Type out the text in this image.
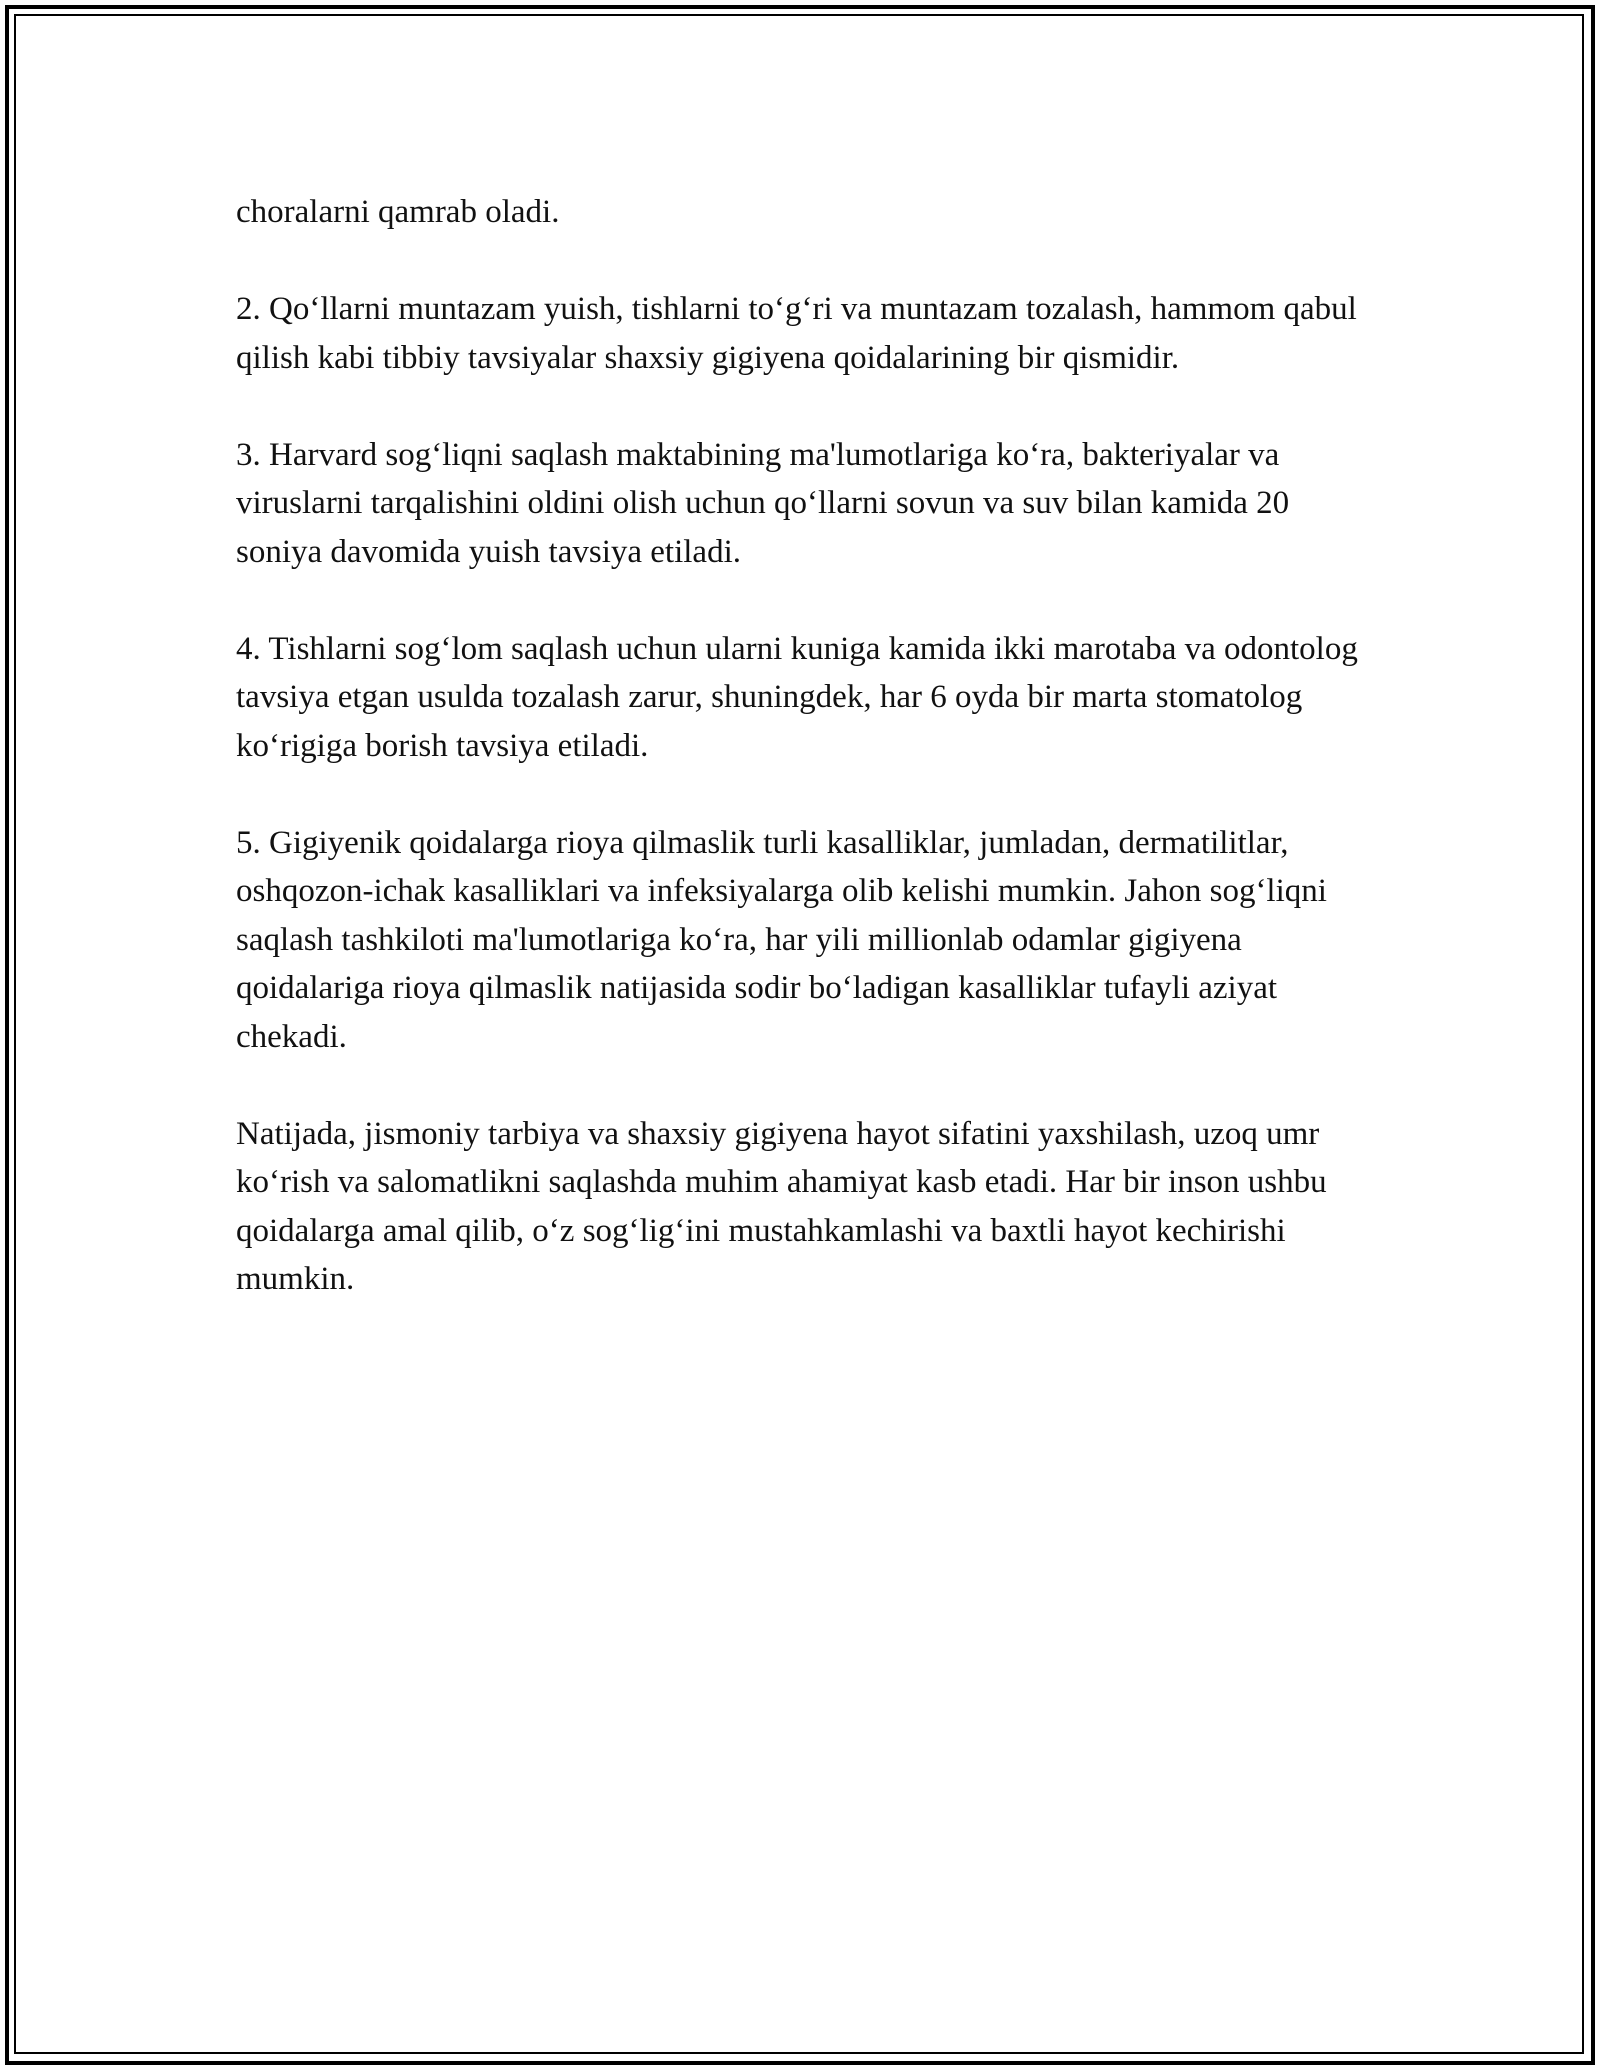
choralarni qamrab oladi.

2. Qo‘llarni muntazam yuish, tishlarni to‘g‘ri va muntazam tozalash, hammom qabul qilish kabi tibbiy tavsiyalar shaxsiy gigiyena qoidalarining bir qismidir.

3. Harvard sog‘liqni saqlash maktabining ma'lumotlariga ko‘ra, bakteriyalar va viruslarni tarqalishini oldini olish uchun qo‘llarni sovun va suv bilan kamida 20 soniya davomida yuish tavsiya etiladi.

4. Tishlarni sog‘lom saqlash uchun ularni kuniga kamida ikki marotaba va odontolog tavsiya etgan usulda tozalash zarur, shuningdek, har 6 oyda bir marta stomatolog ko‘rigiga borish tavsiya etiladi.

5. Gigiyenik qoidalarga rioya qilmaslik turli kasalliklar, jumladan, dermatilitlar, oshqozon-ichak kasalliklari va infeksiyalarga olib kelishi mumkin. Jahon sog‘liqni saqlash tashkiloti ma'lumotlariga ko‘ra, har yili millionlab odamlar gigiyena qoidalariga rioya qilmaslik natijasida sodir bo‘ladigan kasalliklar tufayli aziyat chekadi.

Natijada, jismoniy tarbiya va shaxsiy gigiyena hayot sifatini yaxshilash, uzoq umr ko‘rish va salomatlikni saqlashda muhim ahamiyat kasb etadi. Har bir inson ushbu qoidalarga amal qilib, o‘z sog‘lig‘ini mustahkamlashi va baxtli hayot kechirishi mumkin.
